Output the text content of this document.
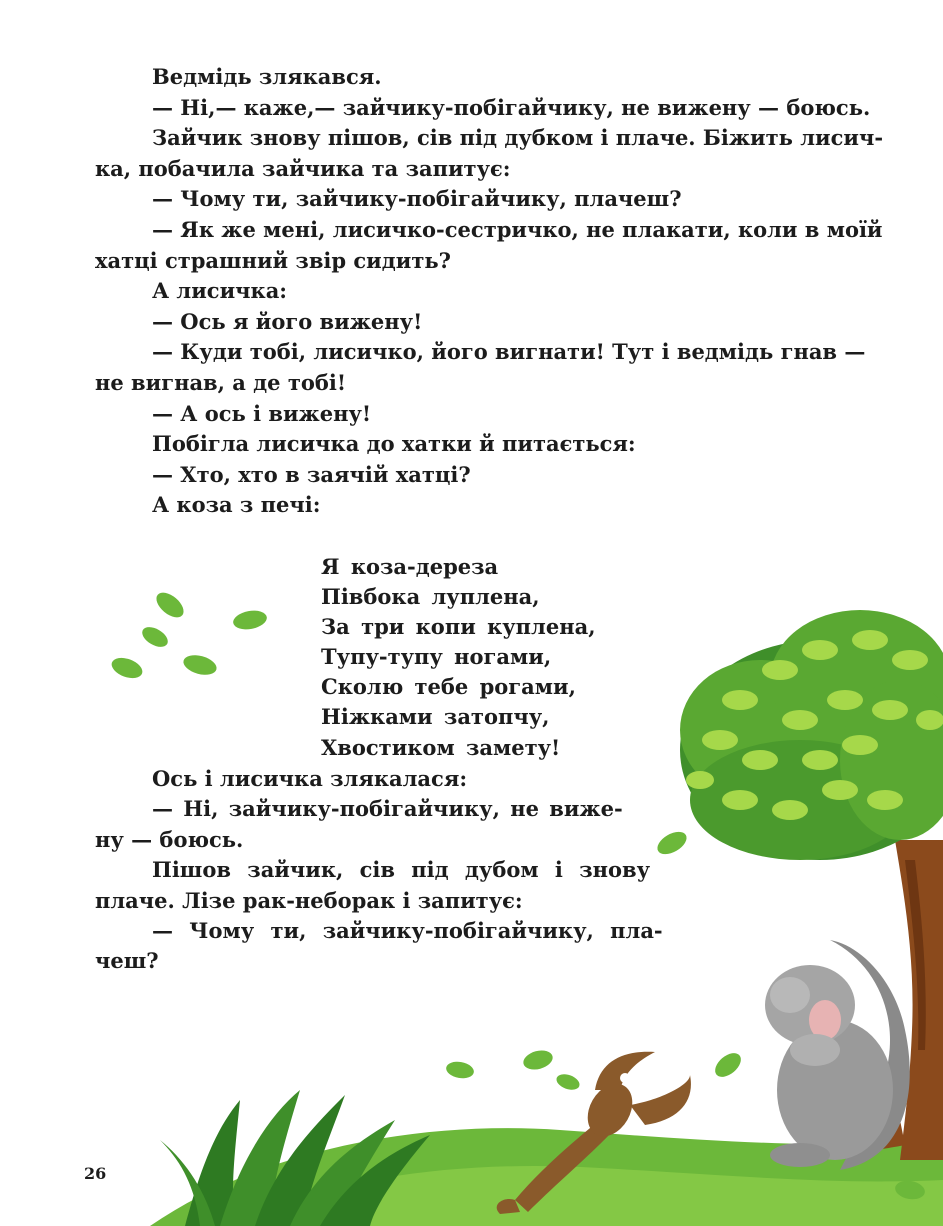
Ведмідь злякався.
— Ні,— каже,— зайчику-побігайчику, не вижену — боюсь.
Зайчик знову пішов, сів під дубком і плаче. Біжить лисич-
ка, побачила зайчика та запитує:
— Чому ти, зайчику-побігайчику, плачеш?
— Як же мені, лисичко-сестричко, не плакати, коли в моїй
хатці страшний звір сидить?
А лисичка:
— Ось я його вижену!
— Куди тобі, лисичко, його вигнати! Тут і ведмідь гнав —
не вигнав, а де тобі!
— А ось і вижену!
Побігла лисичка до хатки й питається:
— Хто, хто в заячій хатці?
А коза з печі:
Я коза-дереза
Півбока луплена,
За три копи куплена,
Тупу-тупу ногами,
Сколю тебе рогами,
Ніжками затопчу,
Хвостиком замету!
Ось і лисичка злякалася:
— Ні, зайчику-побігайчику, не виже-
ну — боюсь.
Пішов зайчик, сів під дубом і знову
плаче. Лізе рак-неборак і запитує:
— Чому ти, зайчику-побігайчику, пла-
чеш?
26
